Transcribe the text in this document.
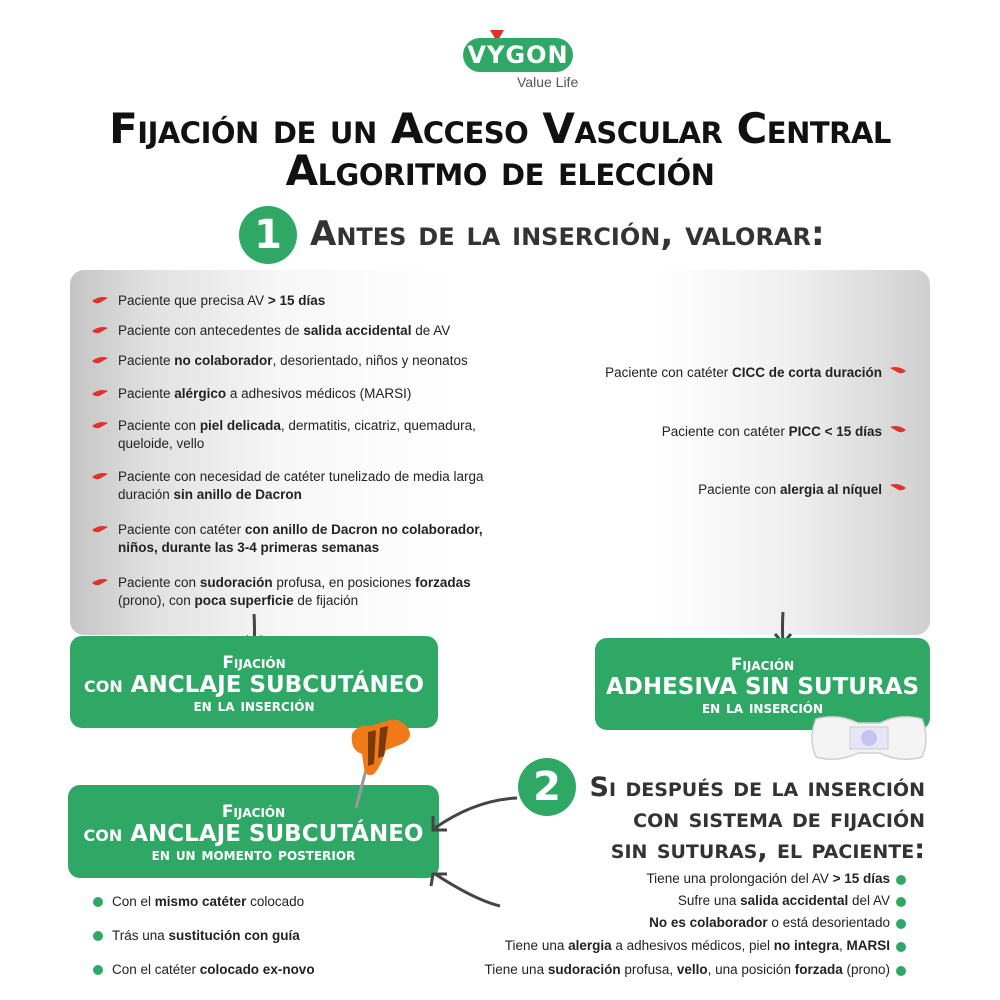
VYGON
Value Life
Fijación de un Acceso Vascular Central
Algoritmo de elección
1 Antes de la inserción, valorar:
Paciente que precisa AV > 15 días
Paciente con antecedentes de salida accidental de AV
Paciente no colaborador, desorientado, niños y neonatos
Paciente alérgico a adhesivos médicos (MARSI)
Paciente con piel delicada, dermatitis, cicatriz, quemadura, queloide, vello
Paciente con necesidad de catéter tunelizado de media larga duración sin anillo de Dacron
Paciente con catéter con anillo de Dacron no colaborador, niños, durante las 3-4 primeras semanas
Paciente con sudoración profusa, en posiciones forzadas (prono), con poca superficie de fijación
Paciente con catéter CICC de corta duración
Paciente con catéter PICC < 15 días
Paciente con alergia al níquel
Fijación
con ANCLAJE SUBCUTÁNEO
en la inserción
Fijación
ADHESIVA SIN SUTURAS
en la inserción
Fijación
con ANCLAJE SUBCUTÁNEO
en un momento posterior
2	Si después de la inserción
con sistema de fijación
sin suturas, el paciente:
Con el mismo catéter colocado
Trás una sustitución con guía
Con el catéter colocado ex-novo
Tiene una prolongación del AV > 15 días
Sufre una salida accidental del AV
No es colaborador o está desorientado
Tiene una alergia a adhesivos médicos, piel no integra, MARSI
Tiene una sudoración profusa, vello, una posición forzada (prono)
